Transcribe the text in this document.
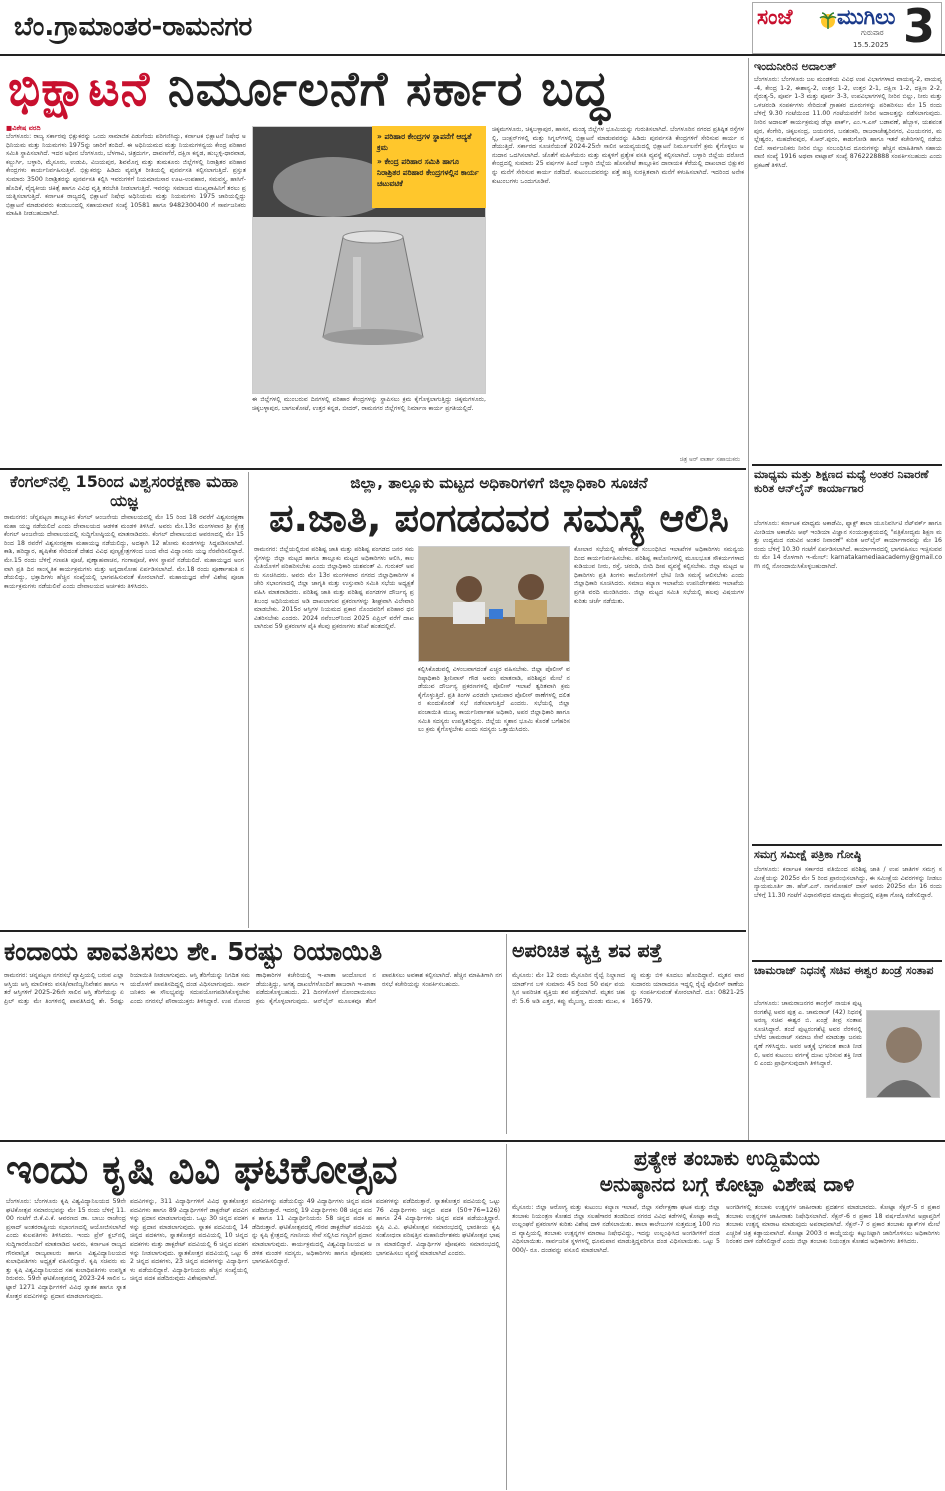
ಬೆಂ.ಗ್ರಾಮಾಂತರ-ರಾಮನಗರ	ಸಂಜೆ ಮುಗಿಲು
ಗುರುವಾರ
15.5.2025 3
ಭಿಕ್ಷಾಟನೆ ನಿರ್ಮೂಲನೆಗೆ ಸರ್ಕಾರ ಬದ್ಧ
■ವಿಶೇಷ ವರದಿ
ಬೆಂಗಳೂರು: ರಾಜ್ಯ ಸರ್ಕಾರವು ಭಿಕ್ಷುಕರನ್ನು ಒಂದು ಸಾಮಾಜಿಕ ಪಿಡುಗೆಂದು ಪರಿಗಣಿಸಿದ್ದು, ಕರ್ನಾಟಕ ಭಿಕ್ಷಾಟನೆ ನಿಷೇಧ ಅಧಿನಿಯಮ ಮತ್ತು ನಿಯಮಗಳು 1975ನ್ನು ಜಾರಿಗೆ ತಂದಿದೆ. ಈ ಅಧಿನಿಯಮದ ಮತ್ತು ನಿಯಮಗಳನ್ವಯ ಕೇಂದ್ರ ಪರಿಹಾರ ಸಮಿತಿ ಸ್ಥಾಪಿಸಲಾಗಿದೆ. ಇದರ ಅಧೀನ ಬೆಂಗಳೂರು, ಬೆಳಗಾವಿ, ಚಿತ್ರದುರ್ಗ, ದಾವಣಗೆರೆ, ದಕ್ಷಿಣ ಕನ್ನಡ, ಹುಬ್ಬಳ್ಳಿ-ಧಾರವಾಡ, ಕಲ್ಬುರ್ಗಿ, ಬಳ್ಳಾರಿ, ಮೈಸೂರು, ಉಡುಪಿ, ವಿಜಯಪುರ, ಶಿವಮೊಗ್ಗ ಮತ್ತು ತುಮಕೂರು ಜಿಲ್ಲೆಗಳಲ್ಲಿ ನಿರಾಶ್ರಿತರ ಪರಿಹಾರ ಕೇಂದ್ರಗಳು ಕಾರ್ಯನಿರ್ವಹಿಸುತ್ತಿವೆ. ಭಿಕ್ಷುಕರನ್ನು ಹಿಡಿದು ವ್ಯವಸ್ಥಿತ ರೀತಿಯಲ್ಲಿ ಪುನರ್ವಸತಿ ಕಲ್ಪಿಸಲಾಗುತ್ತಿದೆ. ಪ್ರಸ್ತುತ ಸುಮಾರು 3500 ನಿರಾಶ್ರಿತರನ್ನು ಪುನರ್ವಸತಿ ಕಲ್ಪಿಸಿ ಇವರುಗಳಿಗೆ ನಿಯಮಾನುಸಾರ ಊಟ-ಉಪಹಾರ, ಸಮವಸ್ತ್ರ, ಹಾಸಿಗೆ-ಹೊದಿಕೆ, ವೈದ್ಯಕೀಯ ಚಿಕಿತ್ಸೆ ಹಾಗೂ ವಿವಿಧ ವೃತ್ತಿ ತರಬೇತಿ ನೀಡಲಾಗುತ್ತಿದೆ. ಇವರನ್ನು ಸಮಾಜದ ಮುಖ್ಯವಾಹಿನಿಗೆ ತರಲು ಪ್ರಯತ್ನಿಸಲಾಗುತ್ತಿದೆ. ಕರ್ನಾಟಕ ರಾಜ್ಯದಲ್ಲಿ ಭಿಕ್ಷಾಟನೆ ನಿಷೇಧ ಅಧಿನಿಯಮ ಮತ್ತು ನಿಯಮಗಳು 1975 ಜಾರಿಯಲ್ಲಿದ್ದು ಭಿಕ್ಷಾಟನೆ ಮಾಡುವವರು ಕಂಡುಬಂದಲ್ಲಿ ಸಹಾಯವಾಣಿ ಸಂಖ್ಯೆ 10581 ಹಾಗೂ 9482300400 ಗೆ ಸಾರ್ವಜನಿಕರು ಮಾಹಿತಿ ನೀಡಬಹುದಾಗಿದೆ.
» ಪರಿಹಾರ ಕೇಂದ್ರಗಳ ಸ್ಥಾಪನೆಗೆ ಆದ್ಯತೆ ಕ್ರಮ
» ಕೇಂದ್ರ ಪರಿಹಾರ ಸಮಿತಿ ಹಾಗೂ ನಿರಾಶ್ರಿತರ ಪರಿಹಾರ ಕೇಂದ್ರಗಳಲ್ಲಿನ ಕಾರ್ಯ ಚಟುವಟಿಕೆ
ಈ ಜಿಲ್ಲೆಗಳಲ್ಲಿ ಮುಂಬರುವ ದಿನಗಳಲ್ಲಿ ಪರಿಹಾರ ಕೇಂದ್ರಗಳನ್ನು ಸ್ಥಾಪಿಸಲು ಕ್ರಮ ಕೈಗೊಳ್ಳಲಾಗುತ್ತಿದ್ದು ಚಿಕ್ಕಮಗಳೂರು, ಚಿಕ್ಕಬಳ್ಳಾಪುರ, ಬಾಗಲಕೋಟೆ, ಉತ್ತರ ಕನ್ನಡ, ಬೀದರ್, ರಾಮನಗರ ಜಿಲ್ಲೆಗಳಲ್ಲಿ ನಿರ್ಮಾಣ ಕಾರ್ಯ ಪ್ರಗತಿಯಲ್ಲಿದೆ.
ಚಿಕ್ಕಮಗಳೂರು, ಚಿಕ್ಕಬಳ್ಳಾಪುರ, ಹಾಸನ, ಮಂಡ್ಯ ಜಿಲ್ಲೆಗಳ ಭೂಮಿಯನ್ನು ಗುರುತಿಸಲಾಗಿದೆ. ಬೆಂಗಳೂರಿನ ನಗರದ ಪ್ರತಿಷ್ಠಿತ ರಸ್ತೆಗಳಲ್ಲಿ, ಜಂಕ್ಷನ್‌ಗಳಲ್ಲಿ ಮತ್ತು ಸಿಗ್ನಲ್‌ಗಳಲ್ಲಿ ಭಿಕ್ಷಾಟನೆ ಮಾಡುವವರನ್ನು ಹಿಡಿದು ಪುನರ್ವಸತಿ ಕೇಂದ್ರಗಳಿಗೆ ಸೇರಿಸುವ ಕಾರ್ಯ ನಡೆಯುತ್ತಿದೆ. ಸರ್ಕಾರದ ಸೂಚನೆಯಂತೆ 2024-25ನೇ ಸಾಲಿನ ಆಯವ್ಯಯದಲ್ಲಿ ಭಿಕ್ಷಾಟನೆ ನಿರ್ಮೂಲನೆಗೆ ಕ್ರಮ ಕೈಗೊಳ್ಳಲು ಅನುದಾನ ಒದಗಿಸಲಾಗಿದೆ. ಜೊತೆಗೆ ಮಹಿಳೆಯರು ಮತ್ತು ಮಕ್ಕಳಿಗೆ ಪ್ರತ್ಯೇಕ ವಸತಿ ವ್ಯವಸ್ಥೆ ಕಲ್ಪಿಸಲಾಗಿದೆ. ಬಳ್ಳಾರಿ ಜಿಲ್ಲೆಯ ದರೋಜಿ ಕೇಂದ್ರದಲ್ಲಿ ಸುಮಾರು 25 ವರ್ಷಗಳ ಹಿಂದೆ ಬಳ್ಳಾರಿ ಜಿಲ್ಲೆಯ ಹೊಸಪೇಟೆ ತಾಲ್ಲೂಕಿನ ದಾನಾಯಕ ಕೆರೆಯಲ್ಲಿ ದಾಖಲಾದ ಭಿಕ್ಷುಕರನ್ನು ಮನೆಗೆ ಸೇರಿಸುವ ಕಾರ್ಯ ನಡೆದಿದೆ. ಕುಟುಂಬದವರನ್ನು ಪತ್ತೆ ಹಚ್ಚಿ ಸುರಕ್ಷಿತವಾಗಿ ಮನೆಗೆ ಕಳುಹಿಸಲಾಗಿದೆ. ಇದರಿಂದ ಅನೇಕ ಕುಟುಂಬಗಳು ಒಂದುಗೂಡಿವೆ.
ಚಿತ್ರ ಅರ್ ವಾರ್ತಾ ಸಹಾಯಕರು
ಇಂದುನೀರಿನ ಅದಾಲತ್
ಬೆಂಗಳೂರು: ಬೆಂಗಳೂರು ಜಲ ಮಂಡಳಿಯ ವಿವಿಧ ಉಪ ವಿಭಾಗಗಳಾದ ವಾಯವ್ಯ-2, ವಾಯವ್ಯ-4, ಕೇಂದ್ರ 1-2, ಈಶಾನ್ಯ-2, ಉತ್ತರ 1-2, ಉತ್ತರ 2-1, ದಕ್ಷಿಣ 1-2, ದಕ್ಷಿಣ 2-2, ನೈರುತ್ಯ-5, ಪೂರ್ವ 1-3 ಮತ್ತು ಪೂರ್ವ 3-3, ಉಪವಿಭಾಗಗಳಲ್ಲಿ ನೀರಿನ ಬಿಲ್ಲು, ನೀರು ಮತ್ತು ಒಳಚರಂಡಿ ಸಂಪರ್ಕಗಳು ಸೇರಿದಂತೆ ಗ್ರಾಹಕರ ದೂರುಗಳನ್ನು ಪರಿಹರಿಸಲು ಮೇ 15 ರಂದು ಬೆಳಿಗ್ಗೆ 9.30 ಗಂಟೆಯಿಂದ 11.00 ಗಂಟೆಯವರೆಗೆ ನೀರಿನ ಅದಾಲತ್ತನ್ನು ನಡೆಸಲಾಗುವುದು. ನೀರಿನ ಅದಾಲತ್ ಕಾರ್ಯಕ್ರಮವು ಡೆಲ್ಟಾ ಪಾರ್ಕ್, ಎಂ.ಇ.ಎಸ್ ಬಡಾವಣೆ, ಹೆಬ್ಬಾಳ, ಯಶವಂತಪುರ, ಕೆಂಗೇರಿ, ಚಿಕ್ಕಲಸಂದ್ರ, ಜಯನಗರ, ಬನಶಂಕರಿ, ರಾಜರಾಜೇಶ್ವರಿನಗರ, ವಿಜಯನಗರ, ಮಲ್ಲೇಶ್ವರಂ, ಮಹದೇವಪುರ, ಕೆ.ಆರ್.ಪುರಂ, ಕಾಡುಗೋಡಿ ಹಾಗೂ ಇತರೆ ಕಚೇರಿಗಳಲ್ಲಿ ನಡೆಯಲಿದೆ. ಸಾರ್ವಜನಿಕರು ನೀರಿನ ಬಿಲ್ಲು ಸಂಬಂಧಿಸಿದ ದೂರುಗಳನ್ನು ಹೆಚ್ಚಿನ ಮಾಹಿತಿಗಾಗಿ ಸಹಾಯವಾಣಿ ಸಂಖ್ಯೆ 1916 ಅಥವಾ ವಾಟ್ಸಾಪ್ ಸಂಖ್ಯೆ 8762228888 ಸಂಪರ್ಕಿಸಬಹುದು ಎಂದು ಪ್ರಕಟಣೆ ತಿಳಿಸಿದೆ.
ಮಾಧ್ಯಮ ಮತ್ತು ಶಿಕ್ಷಣದ ಮಧ್ಯೆ ಅಂತರ ನಿವಾರಣೆ ಕುರಿತ ಆನ್‌ಲೈನ್ ಕಾರ್ಯಾಗಾರ
ಬೆಂಗಳೂರು: ಕರ್ನಾಟಕ ಮಾಧ್ಯಮ ಅಕಾಡೆಮಿ, ಫ್ಯಾಕ್ಟ್ ಶಾಲಾ ಯೂನಿವರ್ಸಿಟಿ ನೆಟ್‌ವರ್ಕ್ ಹಾಗೂ ಮೀಡಿಯಾ ಅಕಾಡೆಮಿ ಆಫ್ ಇಂಡಿಯಾ ವಿಜ್ಞಾನ ಸಂಯುಕ್ತಾಶ್ರಯದಲ್ಲಿ "ಪತ್ರಿಕೋದ್ಯಮ ಶಿಕ್ಷಣ ಮತ್ತು ಉದ್ಯಮದ ನಡುವಿನ ಅಂತರ ನಿವಾರಣೆ" ಕುರಿತ ಆನ್‌ಲೈನ್ ಕಾರ್ಯಾಗಾರವನ್ನು ಮೇ 16 ರಂದು ಬೆಳಿಗ್ಗೆ 10.30 ಗಂಟೆಗೆ ಏರ್ಪಡಿಸಲಾಗಿದೆ. ಕಾರ್ಯಾಗಾರದಲ್ಲಿ ಭಾಗವಹಿಸಲು ಇಚ್ಛಿಸುವವರು ಮೇ 14 ರೊಳಗಾಗಿ ಇ-ಮೇಲ್: karnatakamediaacademy@gmail.com ನಲ್ಲಿ ನೋಂದಾಯಿಸಿಕೊಳ್ಳಬಹುದಾಗಿದೆ.
ಸಮಗ್ರ ಸಮೀಕ್ಷೆ ಪತ್ರಿಕಾ ಗೋಷ್ಠಿ
ಬೆಂಗಳೂರು: ಕರ್ನಾಟಕ ಸರ್ಕಾರದ ವತಿಯಿಂದ ಪರಿಶಿಷ್ಟ ಜಾತಿ / ಉಪ ಜಾತಿಗಳ ಸಮಗ್ರ ಸಮೀಕ್ಷೆಯನ್ನು 2025ರ ಮೇ 5 ರಿಂದ ಪ್ರಾರಂಭಿಸಲಾಗಿದ್ದು, ಈ ಸಮೀಕ್ಷೆಯ ವಿವರಗಳನ್ನು ನೀಡಲು ನ್ಯಾಯಮೂರ್ತಿ ಡಾ. ಹೆಚ್.ಎನ್. ನಾಗಮೋಹನ್ ದಾಸ್ ಅವರು 2025ರ ಮೇ 16 ರಂದು ಬೆಳಿಗ್ಗೆ 11.30 ಗಂಟೆಗೆ ವಿಧಾನಸೌಧದ ಮಾಧ್ಯಮ ಕೇಂದ್ರದಲ್ಲಿ ಪತ್ರಿಕಾ ಗೋಷ್ಠಿ ನಡೆಸಲಿದ್ದಾರೆ.
ಚಾಮರಾಜ್ ನಿಧನಕ್ಕೆ ಸಚಿವ ಈಶ್ವರ ಖಂಡ್ರೆ ಸಂತಾಪ
ಬೆಂಗಳೂರು: ಚಾಮರಾಜನಗರ ಕಾಂಗ್ರೆಸ್ ನಾಯಕ ಪುಟ್ಟರಂಗಶೆಟ್ಟಿ ಅವರ ಪುತ್ರ ಎ. ಚಾಮರಾಜ್ (42) ನಿಧನಕ್ಕೆ ಅರಣ್ಯ ಸಚಿವ ಈಶ್ವರ ಬಿ. ಖಂಡ್ರೆ ತೀವ್ರ ಸಂತಾಪ ಸೂಚಿಸಿದ್ದಾರೆ. ತಂದೆ ಪುಟ್ಟರಂಗಶೆಟ್ಟಿ ಅವರ ನೆರಳಿನಲ್ಲಿ ಬೆಳೆದ ಚಾಮರಾಜ್ ಸಮಾಜ ಸೇವೆ ಮಾಡುತ್ತಾ ಜನಮನ್ನಣೆ ಗಳಿಸಿದ್ದರು. ಅವರ ಆತ್ಮಕ್ಕೆ ಭಗವಂತ ಶಾಂತಿ ನೀಡಲಿ, ಅವರ ಕುಟುಂಬ ವರ್ಗಕ್ಕೆ ದುಃಖ ಭರಿಸುವ ಶಕ್ತಿ ನೀಡಲಿ ಎಂದು ಪ್ರಾರ್ಥಿಸುವುದಾಗಿ ತಿಳಿಸಿದ್ದಾರೆ.
ಕೆಂಗಲ್‌ನಲ್ಲಿ 15ರಿಂದ ವಿಶ್ವಸಂರಕ್ಷಣಾ ಮಹಾ ಯಜ್ಞ
ರಾಮನಗರ: ಚೆನ್ನಪಟ್ಟಣ ತಾಲ್ಲೂಕಿನ ಕೆಂಗಲ್ ಆಂಜನೇಯ ದೇವಾಲಯದಲ್ಲಿ ಮೇ 15 ರಿಂದ 18 ರವರೆಗೆ ವಿಶ್ವಸಂರಕ್ಷಣಾ ಮಹಾ ಯಜ್ಞ ನಡೆಯಲಿದೆ ಎಂದು ದೇವಾಲಯದ ಆಡಳಿತ ಮಂಡಳಿ ತಿಳಿಸಿದೆ. ಅವರು ಮೇ.13ರ ಮಂಗಳವಾರ ಶ್ರೀ ಕ್ಷೇತ್ರ ಕೆಂಗಲ್ ಆಂಜನೇಯ ದೇವಾಲಯದಲ್ಲಿ ಸುದ್ದಿಗೋಷ್ಠಿಯಲ್ಲಿ ಮಾತನಾಡಿದರು. ಕೆಂಗಲ್ ದೇವಾಲಯದ ಆವರಣದಲ್ಲಿ ಮೇ 15 ರಿಂದ 18 ರವರೆಗೆ ವಿಶ್ವಸಂರಕ್ಷಣಾ ಮಹಾಯಜ್ಞ ನಡೆಯಲಿದ್ದು, ಅದಕ್ಕಾಗಿ 12 ಹೋಮ ಕುಂಡಗಳನ್ನು ಸಿದ್ಧಪಡಿಸಲಾಗಿದೆ. ಕಾಶಿ, ಹರಿದ್ವಾರ, ಹೃಷಿಕೇಶ ಸೇರಿದಂತೆ ದೇಶದ ವಿವಿಧ ಪುಣ್ಯಕ್ಷೇತ್ರಗಳಿಂದ ಬಂದ ವೇದ ವಿದ್ವಾಂಸರು ಯಜ್ಞ ನೆರವೇರಿಸಲಿದ್ದಾರೆ. ಮೇ.15 ರಂದು ಬೆಳಿಗ್ಗೆ ಗಣಪತಿ ಪೂಜೆ, ಪುಣ್ಯಾಹವಾಚನ, ಗಂಗಾಪೂಜೆ, ಕಳಸ ಸ್ಥಾಪನೆ ನಡೆಯಲಿದೆ. ಮಹಾಯಜ್ಞದ ಅಂಗವಾಗಿ ಪ್ರತಿ ದಿನ ಸಾಂಸ್ಕೃತಿಕ ಕಾರ್ಯಕ್ರಮಗಳು ಮತ್ತು ಅನ್ನದಾಸೋಹ ಏರ್ಪಡಿಸಲಾಗಿದೆ. ಮೇ.18 ರಂದು ಪೂರ್ಣಾಹುತಿ ನಡೆಯಲಿದ್ದು, ಭಕ್ತಾದಿಗಳು ಹೆಚ್ಚಿನ ಸಂಖ್ಯೆಯಲ್ಲಿ ಭಾಗವಹಿಸುವಂತೆ ಕೋರಲಾಗಿದೆ. ಮಹಾಯಜ್ಞದ ವೇಳೆ ವಿಶೇಷ ಪೂಜಾ ಕಾರ್ಯಕ್ರಮಗಳು ನಡೆಯಲಿವೆ ಎಂದು ದೇವಾಲಯದ ಅರ್ಚಕರು ತಿಳಿಸಿದರು.
ಜಿಲ್ಲಾ, ತಾಲ್ಲೂಕು ಮಟ್ಟದ ಅಧಿಕಾರಿಗಳಿಗೆ ಜಿಲ್ಲಾಧಿಕಾರಿ ಸೂಚನೆ
ಪ.ಜಾತಿ, ಪಂಗಡದವರ ಸಮಸ್ಯೆ ಆಲಿಸಿ
ರಾಮನಗರ: ಜಿಲ್ಲೆಯಲ್ಲಿರುವ ಪರಿಶಿಷ್ಟ ಜಾತಿ ಮತ್ತು ಪರಿಶಿಷ್ಟ ಪಂಗಡದ ಜನರ ಸಮಸ್ಯೆಗಳನ್ನು ಜಿಲ್ಲಾ ಮಟ್ಟದ ಹಾಗೂ ತಾಲ್ಲೂಕು ಮಟ್ಟದ ಅಧಿಕಾರಿಗಳು ಆಲಿಸಿ, ಕಾಲಮಿತಿಯೊಳಗೆ ಪರಿಹರಿಸಬೇಕು ಎಂದು ಜಿಲ್ಲಾಧಿಕಾರಿ ಯಶವಂತ್ ವಿ. ಗುರುಕರ್ ಅವರು ಸೂಚಿಸಿದರು. ಅವರು ಮೇ 13ರ ಮಂಗಳವಾರ ನಗರದ ಜಿಲ್ಲಾಧಿಕಾರಿಗಳ ಕಚೇರಿ ಸಭಾಂಗಣದಲ್ಲಿ ಜಿಲ್ಲಾ ಜಾಗೃತಿ ಮತ್ತು ಉಸ್ತುವಾರಿ ಸಮಿತಿ ಸಭೆಯ ಅಧ್ಯಕ್ಷತೆ ವಹಿಸಿ ಮಾತನಾಡಿದರು. ಪರಿಶಿಷ್ಟ ಜಾತಿ ಮತ್ತು ಪರಿಶಿಷ್ಟ ಪಂಗಡಗಳ ದೌರ್ಜನ್ಯ ಪ್ರತಿಬಂಧ ಅಧಿನಿಯಮದ ಅಡಿ ದಾಖಲಾಗುವ ಪ್ರಕರಣಗಳನ್ನು ಶೀಘ್ರವಾಗಿ ವಿಲೇವಾರಿ ಮಾಡಬೇಕು. 2015ರ ಆಸ್ತಿಗಳ ನಿಯಮದ ಪ್ರಕಾರ ನೊಂದವರಿಗೆ ಪರಿಹಾರ ಧನ ವಿತರಿಸಬೇಕು ಎಂದರು. 2024 ನವೆಂಬರ್‌ನಿಂದ 2025 ಏಪ್ರಿಲ್ ವರೆಗೆ ದಾಖಲಾಗಿರುವ 59 ಪ್ರಕರಣಗಳ ಪೈಕಿ ಕೆಲವು ಪ್ರಕರಣಗಳು ತನಿಖೆ ಹಂತದಲ್ಲಿವೆ.
ಕಲ್ಪಿಸಿಕೊಡುವಲ್ಲಿ ವಿಳಂಬವಾಗದಂತೆ ಎಚ್ಚರ ವಹಿಸಬೇಕು. ಜಿಲ್ಲಾ ಪೊಲೀಸ್ ವರಿಷ್ಠಾಧಿಕಾರಿ ಶ್ರೀನಿವಾಸ್ ಗೌಡ ಅವರು ಮಾತನಾಡಿ, ಪರಿಶಿಷ್ಟರ ಮೇಲೆ ನಡೆಯುವ ದೌರ್ಜನ್ಯ ಪ್ರಕರಣಗಳಲ್ಲಿ ಪೊಲೀಸ್ ಇಲಾಖೆ ತ್ವರಿತವಾಗಿ ಕ್ರಮ ಕೈಗೊಳ್ಳುತ್ತಿದೆ. ಪ್ರತಿ ತಿಂಗಳ ಎರಡನೇ ಭಾನುವಾರ ಪೊಲೀಸ್ ಠಾಣೆಗಳಲ್ಲಿ ದಲಿತರ ಕುಂದುಕೊರತೆ ಸಭೆ ನಡೆಸಲಾಗುತ್ತಿದೆ ಎಂದರು. ಸಭೆಯಲ್ಲಿ ಜಿಲ್ಲಾ ಪಂಚಾಯಿತಿ ಮುಖ್ಯ ಕಾರ್ಯನಿರ್ವಾಹಕ ಅಧಿಕಾರಿ, ಅಪರ ಜಿಲ್ಲಾಧಿಕಾರಿ ಹಾಗೂ ಸಮಿತಿ ಸದಸ್ಯರು ಉಪಸ್ಥಿತರಿದ್ದರು. ಜಿಲ್ಲೆಯ ಸ್ಮಶಾನ ಭೂಮಿ ಕೊರತೆ ಬಗೆಹರಿಸಲು ಕ್ರಮ ಕೈಗೊಳ್ಳಬೇಕು ಎಂದು ಸದಸ್ಯರು ಒತ್ತಾಯಿಸಿದರು.
ಕೋಲಾರ ಸಭೆಯಲ್ಲಿ ಹೇಳಿದಂತೆ ಸಂಬಂಧಿಸಿದ ಇಲಾಖೆಗಳ ಅಧಿಕಾರಿಗಳು ಸಮನ್ವಯದಿಂದ ಕಾರ್ಯನಿರ್ವಹಿಸಬೇಕು. ಪರಿಶಿಷ್ಟ ಕಾಲೋನಿಗಳಲ್ಲಿ ಮೂಲಭೂತ ಸೌಕರ್ಯಗಳಾದ ಕುಡಿಯುವ ನೀರು, ರಸ್ತೆ, ಚರಂಡಿ, ಬೀದಿ ದೀಪ ವ್ಯವಸ್ಥೆ ಕಲ್ಪಿಸಬೇಕು. ಜಿಲ್ಲಾ ಮಟ್ಟದ ಅಧಿಕಾರಿಗಳು ಪ್ರತಿ ತಿಂಗಳು ಕಾಲೋನಿಗಳಿಗೆ ಭೇಟಿ ನೀಡಿ ಸಮಸ್ಯೆ ಆಲಿಸಬೇಕು ಎಂದು ಜಿಲ್ಲಾಧಿಕಾರಿ ಸೂಚಿಸಿದರು. ಸಮಾಜ ಕಲ್ಯಾಣ ಇಲಾಖೆಯ ಉಪನಿರ್ದೇಶಕರು ಇಲಾಖೆಯ ಪ್ರಗತಿ ವರದಿ ಮಂಡಿಸಿದರು. ಜಿಲ್ಲಾ ಮಟ್ಟದ ಸಮಿತಿ ಸಭೆಯಲ್ಲಿ ಹಲವು ವಿಷಯಗಳ ಕುರಿತು ಚರ್ಚೆ ನಡೆಯಿತು.
ಕಂದಾಯ ಪಾವತಿಸಲು ಶೇ. 5ರಷ್ಟು ರಿಯಾಯಿತಿ
ರಾಮನಗರ: ಚನ್ನಪಟ್ಟಣ ನಗರಸಭೆ ವ್ಯಾಪ್ತಿಯಲ್ಲಿ ಬರುವ ಎಲ್ಲಾ ಆಸ್ತಿಯ ಆಸ್ತಿ ಮಾಲೀಕರು ವಸತಿ/ವಾಣಿಜ್ಯ/ನಿವೇಶನ ಹಾಗೂ ಇತರೆ ಆಸ್ತಿಗಳಿಗೆ 2025-26ನೇ ಸಾಲಿನ ಆಸ್ತಿ ತೆರಿಗೆಯನ್ನು ಏಪ್ರಿಲ್ ಮತ್ತು ಮೇ ತಿಂಗಳಿನಲ್ಲಿ ಪಾವತಿಸಿದಲ್ಲಿ ಶೇ. 5ರಷ್ಟು ರಿಯಾಯಿತಿ ನೀಡಲಾಗುವುದು. ಆಸ್ತಿ ತೆರಿಗೆಯನ್ನು ನಿಗದಿತ ಸಮಯದೊಳಗೆ ಪಾವತಿಸದಿದ್ದಲ್ಲಿ ದಂಡ ವಿಧಿಸಲಾಗುವುದು. ಸಾರ್ವಜನಿಕರು ಈ ಸೌಲಭ್ಯವನ್ನು ಸದುಪಯೋಗಪಡಿಸಿಕೊಳ್ಳಬೇಕು ಎಂದು ನಗರಸಭೆ ಪೌರಾಯುಕ್ತರು ತಿಳಿಸಿದ್ದಾರೆ. ಉಪ ನೋಂದಣಾಧಿಕಾರಿಗಳ ಕಚೇರಿಯಲ್ಲಿ ಇ-ಖಾತಾ ಆಂದೋಲನ ನಡೆಯುತ್ತಿದ್ದು, ಅಗತ್ಯ ದಾಖಲೆಗಳೊಂದಿಗೆ ಹಾಜರಾಗಿ ಇ-ಖಾತಾ ಪಡೆದುಕೊಳ್ಳಬಹುದು. 21 ದಿನಗಳೊಳಗೆ ನೋಂದಾಯಿಸಲು ಕ್ರಮ ಕೈಗೊಳ್ಳಲಾಗುವುದು. ಆನ್‌ಲೈನ್ ಮೂಲಕವೂ ತೆರಿಗೆ ಪಾವತಿಸಲು ಅವಕಾಶ ಕಲ್ಪಿಸಲಾಗಿದೆ. ಹೆಚ್ಚಿನ ಮಾಹಿತಿಗಾಗಿ ನಗರಸಭೆ ಕಚೇರಿಯನ್ನು ಸಂಪರ್ಕಿಸಬಹುದು.
ಅಪರಿಚಿತ ವ್ಯಕ್ತಿ ಶವ ಪತ್ತೆ
ಮೈಸೂರು: ಮೇ 12 ರಂದು ಮೈಸೂರಿನ ರೈಲ್ವೆ ನಿಲ್ದಾಣದ ಯಾರ್ಡ್‌ನ ಬಳಿ ಸುಮಾರು 45 ರಿಂದ 50 ವರ್ಷ ವಯಸ್ಸಿನ ಅಪರಿಚಿತ ವ್ಯಕ್ತಿಯ ಶವ ಪತ್ತೆಯಾಗಿದೆ. ಮೃತನ ಚಹರೆ: 5.6 ಅಡಿ ಎತ್ತರ, ಕಪ್ಪು ಮೈಬಣ್ಣ, ದುಂಡು ಮುಖ, ಕಪ್ಪು ಮತ್ತು ಬಿಳಿ ಕೂದಲು ಹೊಂದಿದ್ದಾನೆ. ಮೃತನ ವಾರಸುದಾರರು ಯಾರಾದರೂ ಇದ್ದಲ್ಲಿ ರೈಲ್ವೆ ಪೊಲೀಸ್ ಠಾಣೆಯನ್ನು ಸಂಪರ್ಕಿಸುವಂತೆ ಕೋರಲಾಗಿದೆ. ದೂ: 0821-2516579.
ಇಂದು ಕೃಷಿ ವಿವಿ ಘಟಿಕೋತ್ಸವ
ಬೆಂಗಳೂರು: ಬೆಂಗಳೂರು ಕೃಷಿ ವಿಶ್ವವಿದ್ಯಾನಿಲಯದ 59ನೇ ಘಟಿಕೋತ್ಸವ ಸಮಾರಂಭವನ್ನು ಮೇ 15 ರಂದು ಬೆಳಿಗ್ಗೆ 11.00 ಗಂಟೆಗೆ ಜಿ.ಕೆ.ವಿ.ಕೆ. ಆವರಣದ ಡಾ. ಬಾಬು ರಾಜೇಂದ್ರ ಪ್ರಸಾದ್ ಅಂತರರಾಷ್ಟ್ರೀಯ ಸಭಾಂಗಣದಲ್ಲಿ ಆಯೋಜಿಸಲಾಗಿದೆ ಎಂದು ಕುಲಪತಿಗಳು ತಿಳಿಸಿದರು. ಇಂದು ಪ್ರೆಸ್ ಕ್ಲಬ್‌ನಲ್ಲಿ ಸುದ್ದಿಗಾರರೊಂದಿಗೆ ಮಾತನಾಡಿದ ಅವರು, ಕರ್ನಾಟಕ ರಾಜ್ಯದ ಗೌರವಾನ್ವಿತ ರಾಜ್ಯಪಾಲರು ಹಾಗೂ ವಿಶ್ವವಿದ್ಯಾನಿಲಯದ ಕುಲಾಧಿಪತಿಗಳು ಅಧ್ಯಕ್ಷತೆ ವಹಿಸಲಿದ್ದಾರೆ. ಕೃಷಿ ಸಚಿವರು ಮತ್ತು ಕೃಷಿ ವಿಶ್ವವಿದ್ಯಾನಿಲಯದ ಸಹ ಕುಲಾಧಿಪತಿಗಳು ಉಪಸ್ಥಿತರಿರುವರು. 59ನೇ ಘಟಿಕೋತ್ಸವದಲ್ಲಿ 2023-24 ಸಾಲಿನ ಒಟ್ಟಾರೆ 1271 ವಿದ್ಯಾರ್ಥಿಗಳಿಗೆ ವಿವಿಧ ಸ್ನಾತಕ ಹಾಗೂ ಸ್ನಾತಕೋತ್ತರ ಪದವಿಗಳನ್ನು ಪ್ರದಾನ ಮಾಡಲಾಗುವುದು.
ಪದವಿಗಳನ್ನು, 311 ವಿದ್ಯಾರ್ಥಿಗಳಿಗೆ ವಿವಿಧ ಸ್ನಾತಕೋತ್ತರ ಪದವಿಗಳು ಹಾಗೂ 89 ವಿದ್ಯಾರ್ಥಿಗಳಿಗೆ ಡಾಕ್ಟರೇಟ್ ಪದವಿಗಳನ್ನು ಪ್ರದಾನ ಮಾಡಲಾಗುವುದು. ಒಟ್ಟು 30 ಚಿನ್ನದ ಪದಕಗಳನ್ನು ಪ್ರದಾನ ಮಾಡಲಾಗುವುದು. ಸ್ನಾತಕ ಪದವಿಯಲ್ಲಿ 14 ಚಿನ್ನದ ಪದಕಗಳು, ಸ್ನಾತಕೋತ್ತರ ಪದವಿಯಲ್ಲಿ 10 ಚಿನ್ನದ ಪದಕಗಳು ಮತ್ತು ಡಾಕ್ಟರೇಟ್ ಪದವಿಯಲ್ಲಿ 6 ಚಿನ್ನದ ಪದಕಗಳನ್ನು ನೀಡಲಾಗುವುದು. ಸ್ನಾತಕೋತ್ತರ ಪದವಿಯಲ್ಲಿ ಒಟ್ಟು 62 ಚಿನ್ನದ ಪದಕಗಳು, 23 ಚಿನ್ನದ ಪದಕಗಳನ್ನು ವಿದ್ಯಾರ್ಥಿಗಳು ಪಡೆಯಲಿದ್ದಾರೆ. ವಿದ್ಯಾರ್ಥಿನಿಯರು ಹೆಚ್ಚಿನ ಸಂಖ್ಯೆಯಲ್ಲಿ ಚಿನ್ನದ ಪದಕ ಪಡೆದಿರುವುದು ವಿಶೇಷವಾಗಿದೆ.
ಪದವಿಗಳನ್ನು ಪಡೆಯಲಿದ್ದು 49 ವಿದ್ಯಾರ್ಥಿಗಳು ಚಿನ್ನದ ಪದಕ ಪಡೆದಿರುತ್ತಾರೆ. ಇದರಲ್ಲಿ 19 ವಿದ್ಯಾರ್ಥಿಗಳು 08 ಚಿನ್ನದ ಪದಕ ಹಾಗೂ 11 ವಿದ್ಯಾರ್ಥಿನಿಯರು 58 ಚಿನ್ನದ ಪದಕ ಪಡೆದಿರುತ್ತಾರೆ. ಘಟಿಕೋತ್ಸವದಲ್ಲಿ ಗೌರವ ಡಾಕ್ಟರೇಟ್ ಪದವಿಯನ್ನು ಕೃಷಿ ಕ್ಷೇತ್ರದಲ್ಲಿ ಗಣನೀಯ ಸೇವೆ ಸಲ್ಲಿಸಿದ ಗಣ್ಯರಿಗೆ ಪ್ರದಾನ ಮಾಡಲಾಗುವುದು. ಕಾರ್ಯಕ್ರಮದಲ್ಲಿ ವಿಶ್ವವಿದ್ಯಾನಿಲಯದ ಆಡಳಿತ ಮಂಡಳಿ ಸದಸ್ಯರು, ಅಧಿಕಾರಿಗಳು ಹಾಗೂ ಪೋಷಕರು ಭಾಗವಹಿಸಲಿದ್ದಾರೆ.
ಪದಕಗಳನ್ನು ಪಡೆದಿರುತ್ತಾರೆ. ಸ್ನಾತಕೋತ್ತರ ಪದವಿಯಲ್ಲಿ ಒಟ್ಟು 76 ವಿದ್ಯಾರ್ಥಿಗಳು ಚಿನ್ನದ ಪದಕ (50+76=126) ಹಾಗೂ 24 ವಿದ್ಯಾರ್ಥಿಗಳು ಚಿನ್ನದ ಪದಕ ಪಡೆಯುತ್ತಿದ್ದಾರೆ. ಕೃಷಿ ವಿ.ವಿ. ಘಟಿಕೋತ್ಸವ ಸಮಾರಂಭದಲ್ಲಿ ಭಾರತೀಯ ಕೃಷಿ ಸಂಶೋಧನಾ ಪರಿಷತ್ತಿನ ಮಹಾನಿರ್ದೇಶಕರು ಘಟಿಕೋತ್ಸವ ಭಾಷಣ ಮಾಡಲಿದ್ದಾರೆ. ವಿದ್ಯಾರ್ಥಿಗಳ ಪೋಷಕರು ಸಮಾರಂಭದಲ್ಲಿ ಭಾಗವಹಿಸಲು ವ್ಯವಸ್ಥೆ ಮಾಡಲಾಗಿದೆ ಎಂದರು.
ಪ್ರತ್ಯೇಕ ತಂಬಾಕು ಉದ್ದಿಮೆಯ
ಅನುಷ್ಠಾನದ ಬಗ್ಗೆ ಕೋಟ್ಪಾ ವಿಶೇಷ ದಾಳಿ
ಮೈಸೂರು: ಜಿಲ್ಲಾ ಆರೋಗ್ಯ ಮತ್ತು ಕುಟುಂಬ ಕಲ್ಯಾಣ ಇಲಾಖೆ, ಜಿಲ್ಲಾ ಸರ್ವೇಕ್ಷಣಾ ಘಟಕ ಮತ್ತು ಜಿಲ್ಲಾ ತಂಬಾಕು ನಿಯಂತ್ರಣ ಕೋಶದ ಜಿಲ್ಲಾ ಸಲಹೆಗಾರರ ತಂಡದಿಂದ ನಗರದ ವಿವಿಧ ಕಡೆಗಳಲ್ಲಿ ಕೋಟ್ಪಾ ಕಾಯ್ದೆ ಉಲ್ಲಂಘನೆ ಪ್ರಕರಣಗಳ ಕುರಿತು ವಿಶೇಷ ದಾಳಿ ನಡೆಸಲಾಯಿತು. ಶಾಲಾ ಕಾಲೇಜುಗಳ ಸುತ್ತಮುತ್ತ 100 ಗಜದ ವ್ಯಾಪ್ತಿಯಲ್ಲಿ ತಂಬಾಕು ಉತ್ಪನ್ನಗಳ ಮಾರಾಟ ನಿಷೇಧವಿದ್ದು, ಇದನ್ನು ಉಲ್ಲಂಘಿಸಿದ ಅಂಗಡಿಗಳಿಗೆ ದಂಡ ವಿಧಿಸಲಾಯಿತು. ಸಾರ್ವಜನಿಕ ಸ್ಥಳಗಳಲ್ಲಿ ಧೂಮಪಾನ ಮಾಡುತ್ತಿದ್ದವರಿಗೂ ದಂಡ ವಿಧಿಸಲಾಯಿತು. ಒಟ್ಟು 5000/- ರೂ. ದಂಡವನ್ನು ವಸೂಲಿ ಮಾಡಲಾಗಿದೆ.
ಅಂಗಡಿಗಳಲ್ಲಿ ತಂಬಾಕು ಉತ್ಪನ್ನಗಳ ಜಾಹೀರಾತು ಪ್ರದರ್ಶನ ಮಾಡಬಾರದು. ಕೋಟ್ಪಾ ಸೆಕ್ಷನ್-5 ರ ಪ್ರಕಾರ ತಂಬಾಕು ಉತ್ಪನ್ನಗಳ ಜಾಹೀರಾತು ನಿಷೇಧಿಸಲಾಗಿದೆ. ಸೆಕ್ಷನ್-6 ರ ಪ್ರಕಾರ 18 ವರ್ಷದೊಳಗಿನ ಅಪ್ರಾಪ್ತರಿಗೆ ತಂಬಾಕು ಉತ್ಪನ್ನ ಮಾರಾಟ ಮಾಡುವುದು ಅಪರಾಧವಾಗಿದೆ. ಸೆಕ್ಷನ್-7 ರ ಪ್ರಕಾರ ತಂಬಾಕು ಪ್ಯಾಕ್‌ಗಳ ಮೇಲೆ ಎಚ್ಚರಿಕೆ ಚಿತ್ರ ಕಡ್ಡಾಯವಾಗಿದೆ. ಕೋಟ್ಪಾ 2003 ರ ಕಾಯ್ದೆಯನ್ನು ಕಟ್ಟುನಿಟ್ಟಾಗಿ ಜಾರಿಗೊಳಿಸಲು ಅಧಿಕಾರಿಗಳು ನಿರಂತರ ದಾಳಿ ನಡೆಸಲಿದ್ದಾರೆ ಎಂದು ಜಿಲ್ಲಾ ತಂಬಾಕು ನಿಯಂತ್ರಣ ಕೋಶದ ಅಧಿಕಾರಿಗಳು ತಿಳಿಸಿದರು.
